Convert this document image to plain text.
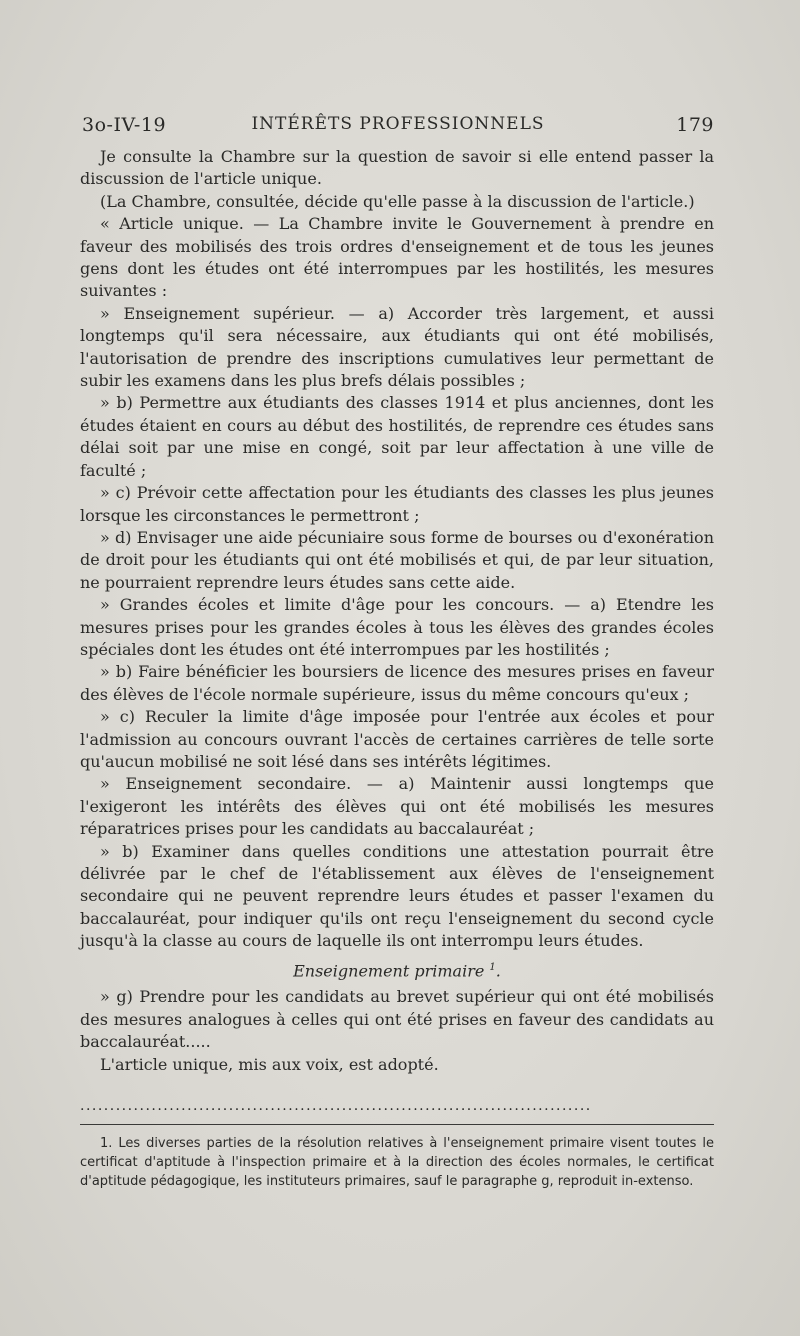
3o-IV-19	INTÉRÊTS PROFESSIONNELS	179

Je consulte la Chambre sur la question de savoir si elle entend passer la discussion de l'article unique.

(La Chambre, consultée, décide qu'elle passe à la discussion de l'article.)

« Article unique. — La Chambre invite le Gouvernement à prendre en faveur des mobilisés des trois ordres d'enseignement et de tous les jeunes gens dont les études ont été interrompues par les hostilités, les mesures suivantes :

» Enseignement supérieur. — a) Accorder très largement, et aussi longtemps qu'il sera nécessaire, aux étudiants qui ont été mobilisés, l'autorisation de prendre des inscriptions cumulatives leur permettant de subir les examens dans les plus brefs délais possibles ;

» b) Permettre aux étudiants des classes 1914 et plus anciennes, dont les études étaient en cours au début des hostilités, de reprendre ces études sans délai soit par une mise en congé, soit par leur affectation à une ville de faculté ;

» c) Prévoir cette affectation pour les étudiants des classes les plus jeunes lorsque les circonstances le permettront ;

» d) Envisager une aide pécuniaire sous forme de bourses ou d'exonération de droit pour les étudiants qui ont été mobilisés et qui, de par leur situation, ne pourraient reprendre leurs études sans cette aide.

» Grandes écoles et limite d'âge pour les concours. — a) Etendre les mesures prises pour les grandes écoles à tous les élèves des grandes écoles spéciales dont les études ont été interrompues par les hostilités ;

» b) Faire bénéficier les boursiers de licence des mesures prises en faveur des élèves de l'école normale supérieure, issus du même concours qu'eux ;

» c) Reculer la limite d'âge imposée pour l'entrée aux écoles et pour l'admission au concours ouvrant l'accès de certaines carrières de telle sorte qu'aucun mobilisé ne soit lésé dans ses intérêts légitimes.

» Enseignement secondaire. — a) Maintenir aussi longtemps que l'exigeront les intérêts des élèves qui ont été mobilisés les mesures réparatrices prises pour les candidats au baccalauréat ;

» b) Examiner dans quelles conditions une attestation pourrait être délivrée par le chef de l'établissement aux élèves de l'enseignement secondaire qui ne peuvent reprendre leurs études et passer l'examen du baccalauréat, pour indiquer qu'ils ont reçu l'enseignement du second cycle jusqu'à la classe au cours de laquelle ils ont interrompu leurs études.

Enseignement primaire $^1$.

» g) Prendre pour les candidats au brevet supérieur qui ont été mobilisés des mesures analogues à celles qui ont été prises en faveur des candidats au baccalauréat.....

L'article unique, mis aux voix, est adopté.

......................................................................................

1. Les diverses parties de la résolution relatives à l'enseignement primaire visent toutes le certificat d'aptitude à l'inspection primaire et à la direction des écoles normales, le certificat d'aptitude pédagogique, les instituteurs primaires, sauf le paragraphe g, reproduit in-extenso.
